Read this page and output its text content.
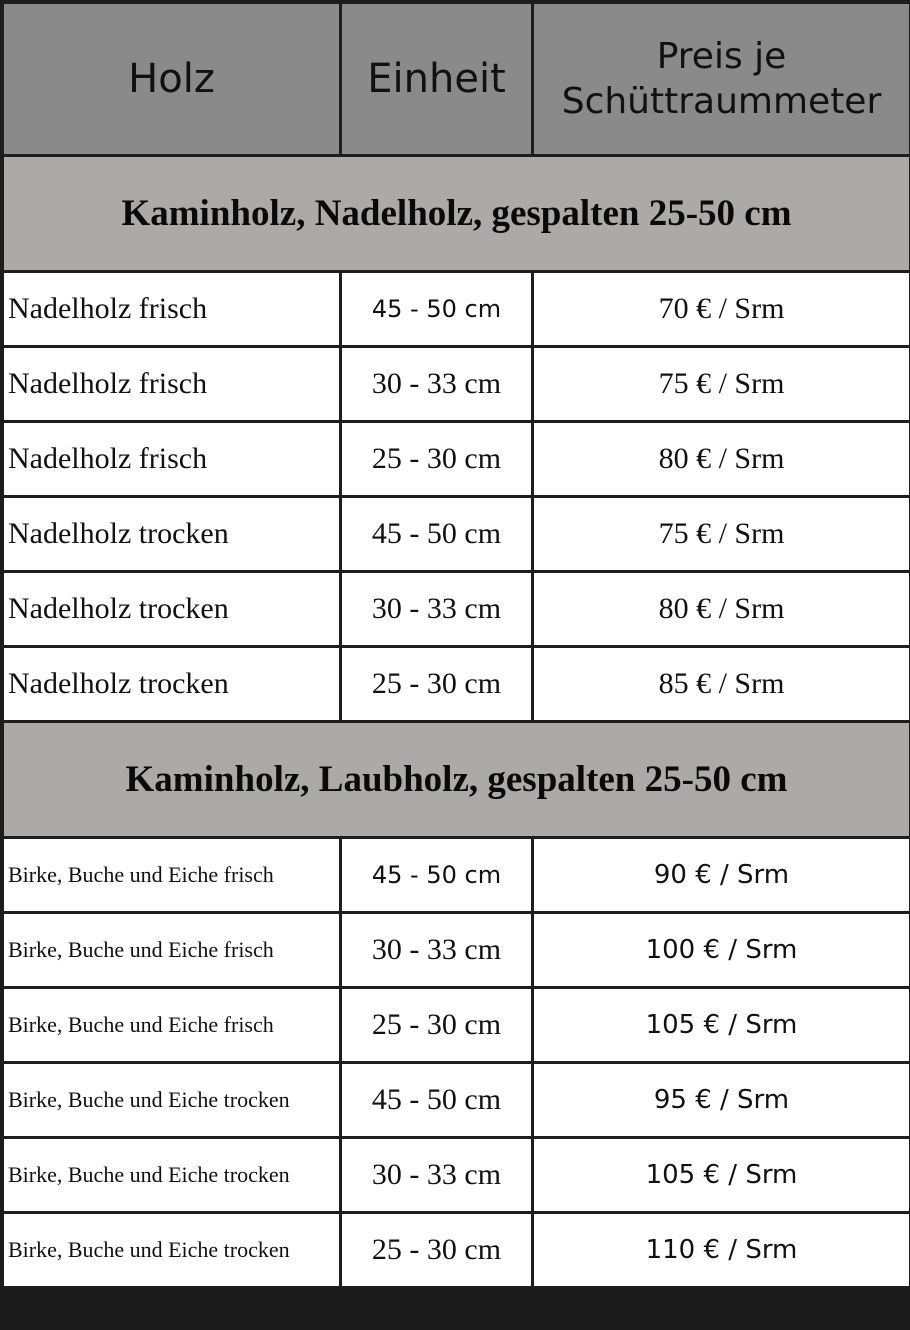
Holz	Einheit	Preis je
Schüttraummeter

Kaminholz, Nadelholz, gespalten 25-50 cm		
Nadelholz frisch	45 - 50 cm	70 € / Srm
Nadelholz frisch	30 - 33 cm	75 € / Srm
Nadelholz frisch	25 - 30 cm	80 € / Srm
Nadelholz trocken	45 - 50 cm	75 € / Srm
Nadelholz trocken	30 - 33 cm	80 € / Srm
Nadelholz trocken	25 - 30 cm	85 € / Srm
Kaminholz, Laubholz, gespalten 25-50 cm		
Birke, Buche und Eiche frisch	45 - 50 cm	90 € / Srm
Birke, Buche und Eiche frisch	30 - 33 cm	100 € / Srm
Birke, Buche und Eiche frisch	25 - 30 cm	105 € / Srm
Birke, Buche und Eiche trocken	45 - 50 cm	95 € / Srm
Birke, Buche und Eiche trocken	30 - 33 cm	105 € / Srm
Birke, Buche und Eiche trocken	25 - 30 cm	110 € / Srm
